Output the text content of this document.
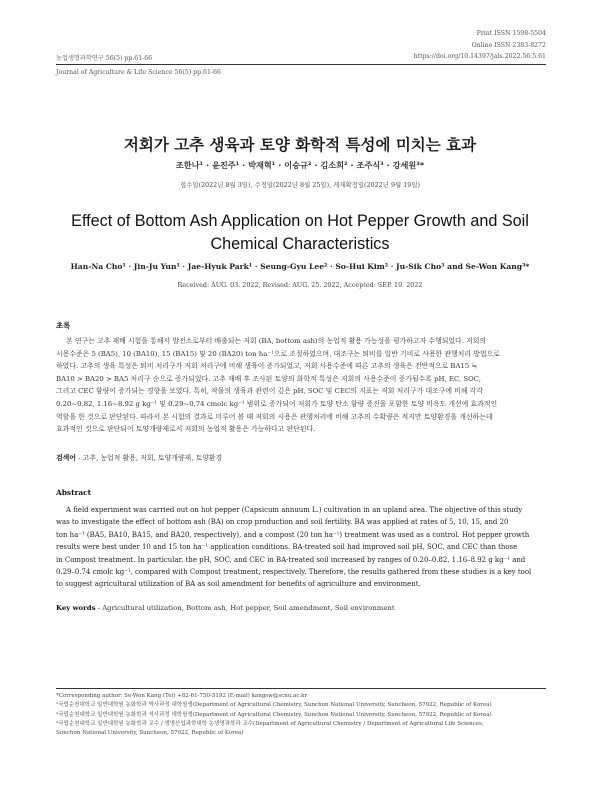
Print ISSN 1598-5504
Online ISSN 2383-8272
농업생명과학연구 56(5) pp.61-66	https://doi.org/10.14397/jals.2022.56.5.61
Journal of Agriculture & Life Science 56(5) pp.61-66
저회가 고추 생육과 토양 화학적 특성에 미치는 효과
조한나¹ · 윤진주¹ · 박재혁¹ · 이승규² · 김소희² · 조주식³ · 강세원³*
접수일(2022년 8월 3일), 수정일(2022년 8월 25일), 게재확정일(2022년 9월 19일)
Effect of Bottom Ash Application on Hot Pepper Growth and Soil Chemical Characteristics
Han-Na Cho¹ · Jin-Ju Yun¹ · Jae-Hyuk Park¹ · Seung-Gyu Lee² · So-Hui Kim² · Ju-Sik Cho³ and Se-Won Kang³*
Received: AUG. 03. 2022, Revised: AUG. 25. 2022, Accepted: SEP. 19. 2022
초록
본 연구는 고추 재배 시험을 통해서 발전소로부터 배출되는 저회 (BA, bottom ash)의 농업적 활용 가능성을 평가하고자 수행되었다. 저회의
시용수준은 5 (BA5), 10 (BA10), 15 (BA15) 및 20 (BA20) ton ha⁻¹으로 조절하였으며, 대조구는 퇴비를 일반 기비로 사용한 관행처리 방법으로
하였다. 고추의 생육 특성은 퇴비 처리구가 저회 처리구에 비해 생육이 증가되었고, 저회 사용수준에 따른 고추의 생육은 전반적으로 BA15 ≒
BA10 > BA20 > BA5 처리구 순으로 증가되었다. 고추 재배 후 조사된 토양의 화학적 특성은 저회의 사용수준이 증가될수록 pH, EC, SOC,
그리고 CEC 함량이 증가되는 경향을 보였다. 특히, 작물의 생육과 관련이 깊은 pH, SOC 및 CEC의 지표는 저회 처리구가 대조구에 비해 각각
0.20~0.82, 1.16~8.92 g kg⁻¹ 및 0.29~0.74 cmolc kg⁻¹ 범위로 증가되어 저회가 토양 탄소 함량 증진을 포함한 토양 비옥도 개선에 효과적인
역할을 한 것으로 판단된다. 따라서 본 시험의 결과로 미루어 볼 때 저회의 시용은 관행처리에 비해 고추의 수확량은 적지만 토양환경을 개선하는데
효과적인 것으로 판단되어 토양개량제로서 저회의 농업적 활용은 가능하다고 판단된다.
검색어 - 고추, 농업적 활용, 저회, 토양개량제, 토양환경
Abstract
A field experiment was carried out on hot pepper (Capsicum annuum L.) cultivation in an upland area. The objective of this study
was to investigate the effect of bottom ash (BA) on crop production and soil fertility. BA was applied at rates of 5, 10, 15, and 20
ton ha⁻¹ (BA5, BA10, BA15, and BA20, respectively), and a compost (20 ton ha⁻¹) treatment was used as a control. Hot pepper growth
results were best under 10 and 15 ton ha⁻¹ application conditions. BA-treated soil had improved soil pH, SOC, and CEC than those
in Compost treatment. In particular, the pH, SOC, and CEC in BA-treated soil increased by ranges of 0.20–0.82, 1.16–8.92 g kg⁻¹ and
0.29–0.74 cmolc kg⁻¹, compared with Compost treatment, respectively. Therefore, the results gathered from these studies is a key tool
to suggest agricultural utilization of BA as soil amendment for benefits of agriculture and environment.
Key words - Agricultural utilization, Bottom ash, Hot pepper, Soil amendment, Soil environment
*Corresponding author: Se-Won Kang (Tel) +82-61-750-5192 (E-mail) kangsw@scnu.ac.kr
¹국립순천대학교 일반대학원 농화학과 박사과정 대학원생(Department of Agricultural Chemistry, Sunchon National University, Suncheon, 57922, Republic of Korea)
²국립순천대학교 일반대학원 농화학과 석사과정 대학원생(Department of Agricultural Chemistry, Sunchon National University, Suncheon, 57922, Republic of Korea)
³국립순천대학교 일반대학원 농화학과 교수 / 생명산업과학대학 농생명과학과 교수(Department of Agricultural Chemistry / Department of Agricultural Life Sciences,
Sunchon National University, Suncheon, 57922, Republic of Korea)
